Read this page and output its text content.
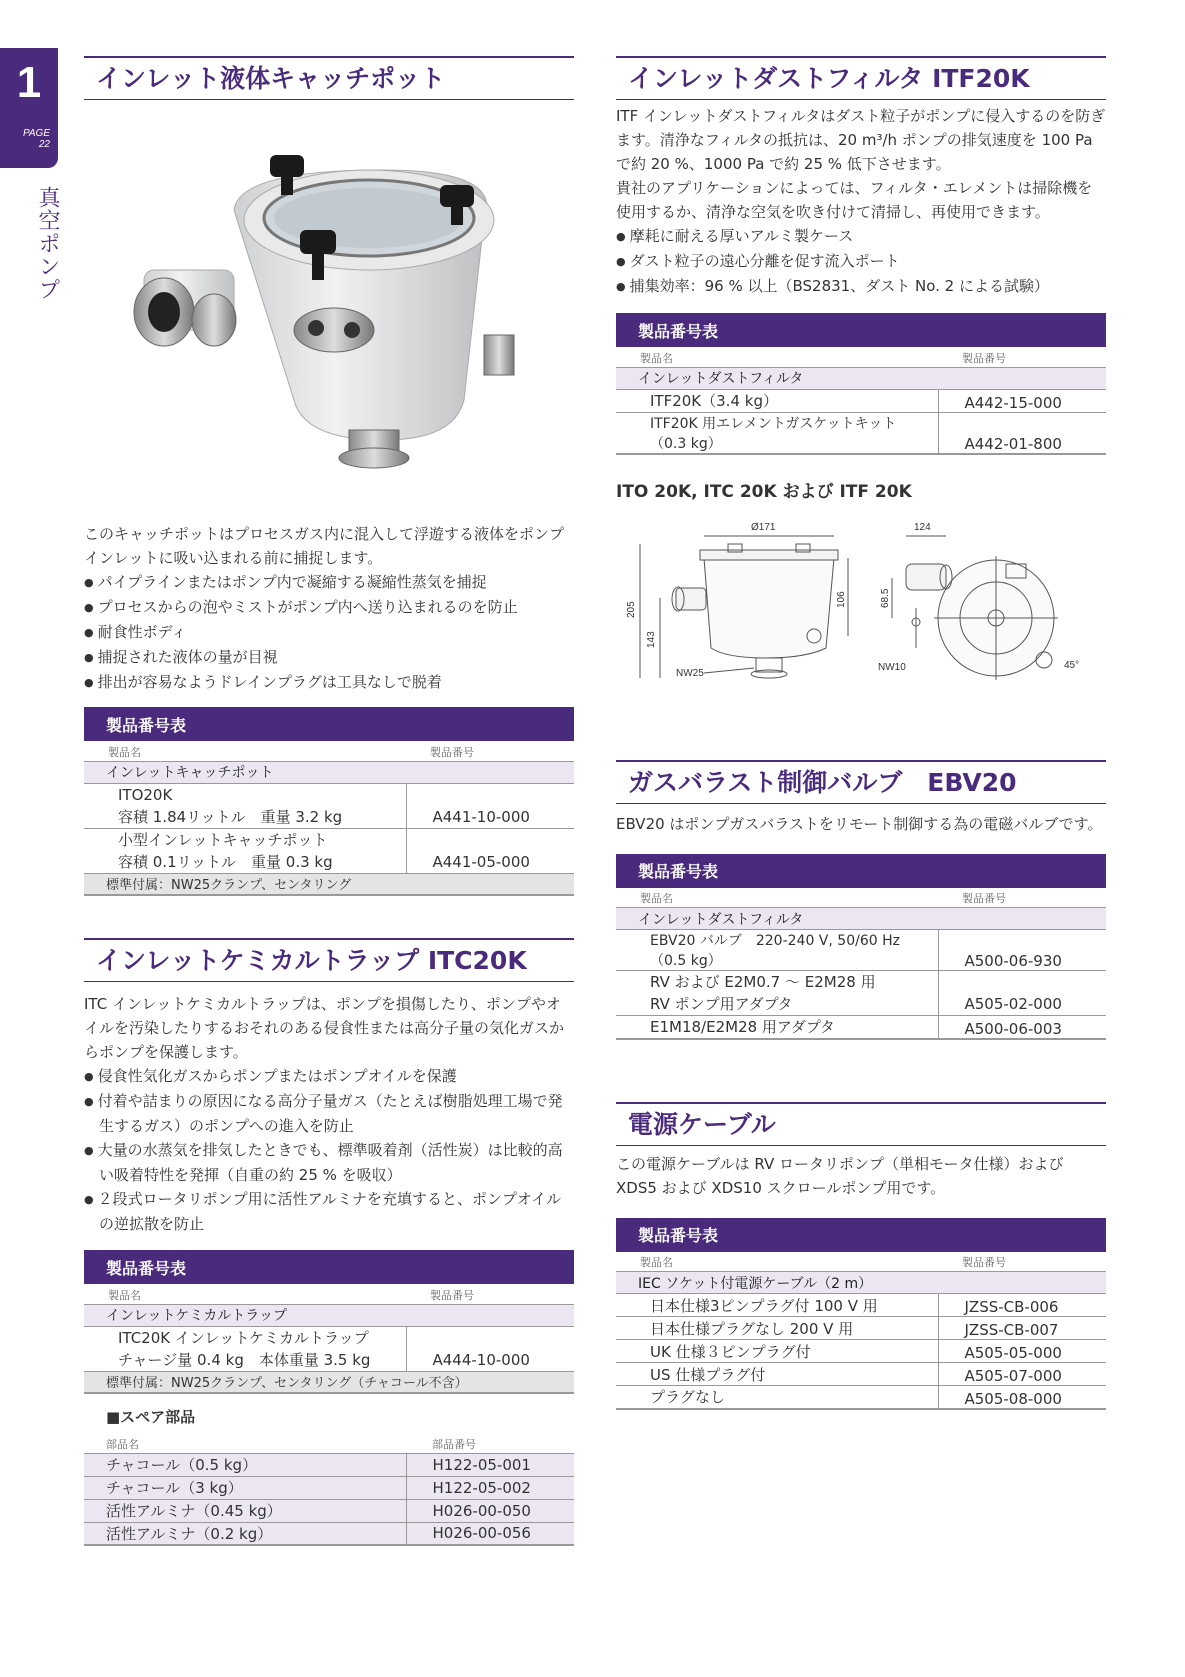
1
PAGE
22
真空ポンプ
インレット液体キャッチポット

このキャッチポットはプロセスガス内に混入して浮遊する液体をポンプインレットに吸い込まれる前に捕捉します。

● パイプラインまたはポンプ内で凝縮する凝縮性蒸気を捕捉
● プロセスからの泡やミストがポンプ内へ送り込まれるのを防止
● 耐食性ボディ
● 捕捉された液体の量が目視
● 排出が容易なようドレインプラグは工具なしで脱着
製品番号表	
製品名	製品番号
インレットキャッチポット	

ITO20K
容積 1.84リットル　重量 3.2 kg	A441-10-000

小型インレットキャッチポット
容積 0.1リットル　重量 0.3 kg	A441-05-000
標準付属：NW25クランプ、センタリング	
インレットケミカルトラップ ITC20K

ITC インレットケミカルトラップは、ポンプを損傷したり、ポンプやオイルを汚染したりするおそれのある侵食性または高分子量の気化ガスからポンプを保護します。

● 侵食性気化ガスからポンプまたはポンプオイルを保護
● 付着や詰まりの原因になる高分子量ガス（たとえば樹脂処理工場で発生するガス）のポンプへの進入を防止
● 大量の水蒸気を排気したときでも、標準吸着剤（活性炭）は比較的高い吸着特性を発揮（自重の約 25 % を吸収）
● ２段式ロータリポンプ用に活性アルミナを充填すると、ポンプオイルの逆拡散を防止
製品番号表	
製品名	製品番号
インレットケミカルトラップ	

ITC20K インレットケミカルトラップ
チャージ量 0.4 kg　本体重量 3.5 kg	A444-10-000
標準付属：NW25クランプ、センタリング（チャコール不含）	
■スペア部品
部品名	部品番号
チャコール（0.5 kg）	H122-05-001
チャコール（3 kg）	H122-05-002
活性アルミナ（0.45 kg）	H026-00-050
活性アルミナ（0.2 kg）	H026-00-056
インレットダストフィルタ ITF20K

ITF インレットダストフィルタはダスト粒子がポンプに侵入するのを防ぎます。清浄なフィルタの抵抗は、20 m³/h ポンプの排気速度を 100 Pa で約 20 %、1000 Pa で約 25 % 低下させます。

貴社のアプリケーションによっては、フィルタ・エレメントは掃除機を使用するか、清浄な空気を吹き付けて清掃し、再使用できます。

● 摩耗に耐える厚いアルミ製ケース
● ダスト粒子の遠心分離を促す流入ポート
● 捕集効率：96 % 以上（BS2831、ダスト No. 2 による試験）
製品番号表	
製品名	製品番号
インレットダストフィルタ	
ITF20K（3.4 kg）	A442-15-000
ITF20K 用エレメントガスケットキット（0.3 kg）	A442-01-800
ITO 20K, ITC 20K および ITF 20K
Ø171
205
143
106
NW25
124
68.5
NW10	45°
ガスバラスト制御バルブ　EBV20
EBV20 はポンプガスバラストをリモート制御する為の電磁バルブです。
製品番号表	
製品名	製品番号
インレットダストフィルタ	
EBV20 バルブ　220-240 V, 50/60 Hz（0.5 kg）	A500-06-930

RV および E2M0.7 ～ E2M28 用
RV ポンプ用アダプタ	A505-02-000
E1M18/E2M28 用アダプタ	A500-06-003
電源ケーブル
この電源ケーブルは RV ロータリポンプ（単相モータ仕様）および XDS5 および XDS10 スクロールポンプ用です。
製品番号表	
製品名	製品番号
IEC ソケット付電源ケーブル（2 m）	
日本仕様3ピンプラグ付 100 V 用	JZSS-CB-006
日本仕様プラグなし 200 V 用	JZSS-CB-007
UK 仕様３ピンプラグ付	A505-05-000
US 仕様プラグ付	A505-07-000
プラグなし	A505-08-000
